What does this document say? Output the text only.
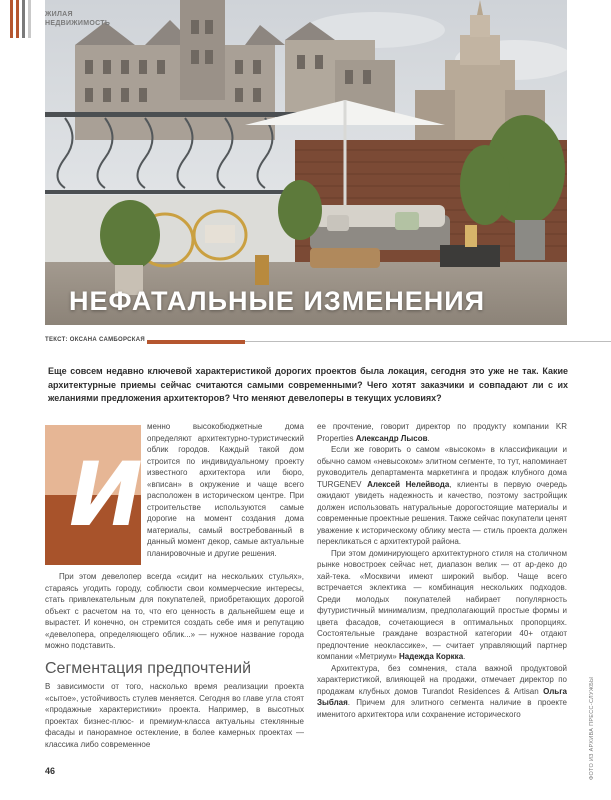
НЕФАТАЛЬНЫЕ ИЗМЕНЕНИЯ
ЖИЛАЯ
НЕДВИЖИМОСТЬ
ТЕКСТ: ОКСАНА САМБОРСКАЯ
Еще совсем недавно ключевой характеристикой дорогих проектов была локация, сегодня это уже не так. Какие архитектурные приемы сейчас считаются самыми современными? Чего хотят заказчики и совпадают ли с их желаниями предложения архитекторов? Что меняют девелоперы в текущих условиях?
И

менно высокобюджетные дома определяют архитектурно-туристический облик городов. Каждый такой дом строится по индивидуальному проекту известного архитектора или бюро, «вписан» в окружение и чаще всего расположен в историческом центре. При строительстве используются самые дорогие на момент создания дома материалы, самый востребованный в данный момент декор, самые актуальные планировочные и другие решения.

При этом девелопер всегда «сидит на нескольких стульях», стараясь угодить городу, соблюсти свои коммерческие интересы, стать привлекательным для покупателей, приобретающих дорогой объект с расчетом на то, что его ценность в дальнейшем еще и вырастет. И конечно, он стремится создать себе имя и репутацию «девелопера, определяющего облик...» — нужное название города можно подставить.

Сегментация предпочтений

В зависимости от того, насколько время реализации проекта «сытое», устойчивость стулев меняется. Сегодня во главе угла стоят «продажные характеристики» проекта. Например, в высотных проектах бизнес-плюс- и премиум-класса актуальны стеклянные фасады и панорамное остекление, в более камерных проектах — классика либо современное

ее прочтение, говорит директор по продукту компании KR Properties Александр Лысов.

Если же говорить о самом «высоком» в классификации и обычно самом «невысоком» элитном сегменте, то тут, напоминает руководитель департамента маркетинга и продаж клубного дома TURGENEV Алексей Нелейвода, клиенты в первую очередь ожидают увидеть надежность и качество, поэтому застройщик должен использовать натуральные дорогостоящие материалы и современные проектные решения. Также сейчас покупатели ценят уважение к историческому облику места — стиль проекта должен перекликаться с архитектурой района.

При этом доминирующего архитектурного стиля на столичном рынке новостроек сейчас нет, диапазон велик — от ар-деко до хай-тека. «Москвичи имеют широкий выбор. Чаще всего встречается эклектика — комбинация нескольких подходов. Среди молодых покупателей набирает популярность футуристичный минимализм, предполагающий простые формы и цвета фасадов, сочетающиеся в оптимальных пропорциях. Состоятельные граждане возрастной категории 40+ отдают предпочтение неоклассике», — считает управляющий партнер компании «Метриум» Надежда Коркка.

Архитектура, без сомнения, стала важной продуктовой характеристикой, влияющей на продажи, отмечает директор по продажам клубных домов Turandot Residences & Artisan Ольга Зыблая. Причем для элитного сегмента наличие в проекте именитого архитектора или сохранение исторического

46	ФОТО ИЗ АРХИВА ПРЕСС-СЛУЖБЫ
